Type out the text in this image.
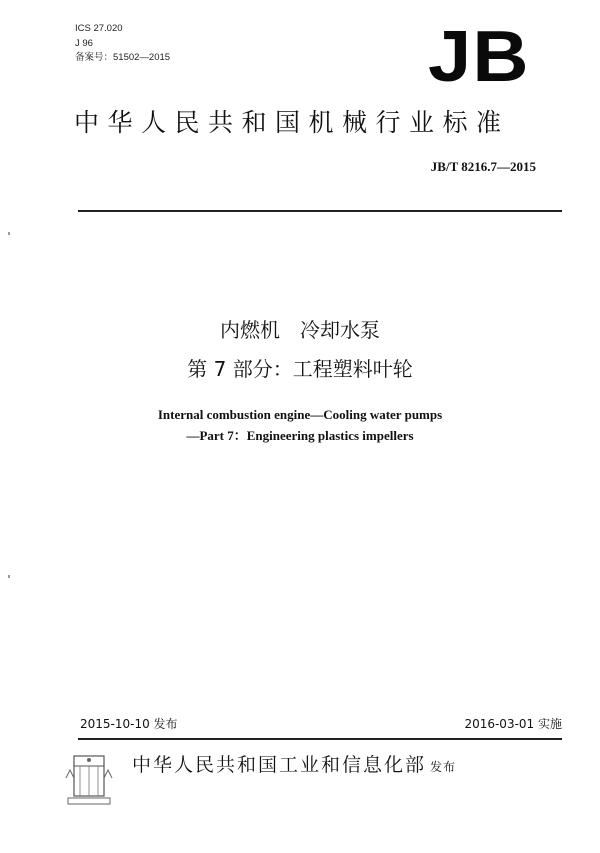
ICS 27.020
J 96
备案号：51502—2015	JB
中华人民共和国机械行业标准
JB/T 8216.7—2015
内燃机　冷却水泵
第 7 部分：工程塑料叶轮
Internal combustion engine—Cooling water pumps
—Part 7：Engineering plastics impellers
2015-10-10 发布	2016-03-01 实施
中华人民共和国工业和信息化部 发布
